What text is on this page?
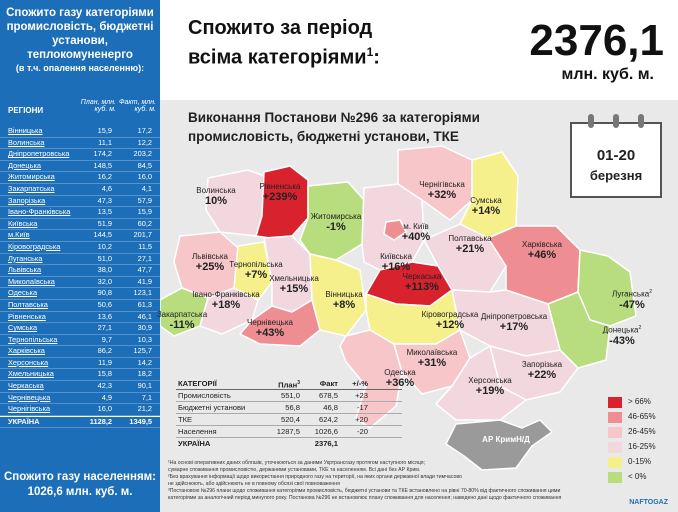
Спожито газу категоріями промисловість, бюджетні установи, теплокомуненерго
(в т.ч. опалення населенню):
РЕГІОНИ
План, млн. куб. м.
Факт, млн. куб. м.
Вінницька	15,9	17,2
Волинська	11,1	12,2
Дніпропетровська	174,2	203,2
Донецька	148,5	84,5
Житомирська	16,2	16,0
Закарпатська	4,6	4,1
Запорізька	47,3	57,9
Івано-Франківська	13,5	15,9
Київська	51,9	60,2
м.Київ	144,5	201,7
Кіровоградська	10,2	11,5
Луганська	51,0	27,1
Львівська	38,0	47,7
Миколаївська	32,0	41,9
Одеська	90,8	123,1
Полтавська	50,6	61,3
Рівненська	13,6	46,1
Сумська	27,1	30,9
Тернопільська	9,7	10,3
Харківська	86,2	125,7
Херсонська	11,9	14,2
Хмельницька	15,8	18,2
Черкаська	42,3	90,1
Чернівецька	4,9	7,1
Чернігівська	16,0	21,2
УКРАЇНА	1128,2	1349,5
Спожито газу населенням:
1026,6 млн. куб. м.
Спожито за період
всіма категоріями$^1$:	2376,1
млн. куб. м.
Виконання Постанови №296 за категоріями
промисловість, бюджетні установи, ТКЕ
01-20
березня
Волинська
10%
Рівненська
+239%
Житомирська
-1%	м. Київ
+40%
Чернігівська
+32%	Сумська
+14%
Львівська
+25% Тернопільська
+7% Хмельницька
+15%
Київська
+16%
Полтавська
+21%	Харківська
+46%
Луганська$^2$
-47%
Івано-Франківська
+18%
Вінницька
+8%
Черкаська
+113%
Закарпатська
-11%	Чернівецька
+43%
Кіровоградська
+12%
Дніпропетровська
+17%	Донецька$^2$
-43%
Миколаївська
+31%
Одеська
+36%
Запорізька
+22%
Херсонська
+19%
АР КримН/Д
КАТЕГОРІЇ	План$^3$	Факт	+/-%
Промисловість	551,0	678,5	+23
Бюджетні установи	56,8	46,8	-17
ТКЕ	520,4	624,2	+20
Населення	1287,5	1026,6	-20
УКРАЇНА	2376,1
> 66%
46-65%
26-45%
16-25%
0-15%
< 0%
¹На основі оперативних даних облгазів, уточнюються за даними Укртрансгазу протягом наступного місяця;
сумарне споживання промисловістю, держаними установами, ТКЕ та населенням. Всі дані без АР Крим.
²Без врахування інформації щодо використання природного газу на території, на яких органи державної влади тимчасово
не здійснюють, або здійснюють не в повному обсязі свої повноваження
³Постановою №296 плани щодо споживання категоріями промисловість, бюджетні установи та ТКЕ встановлено на рівні 70-80% від фактичного споживання цими
категоріями за аналогічний період минулого року. Постанова №296 не встановлює плану споживання для населення; наведено дані щодо фактичного споживання
NAFTOGAZ
